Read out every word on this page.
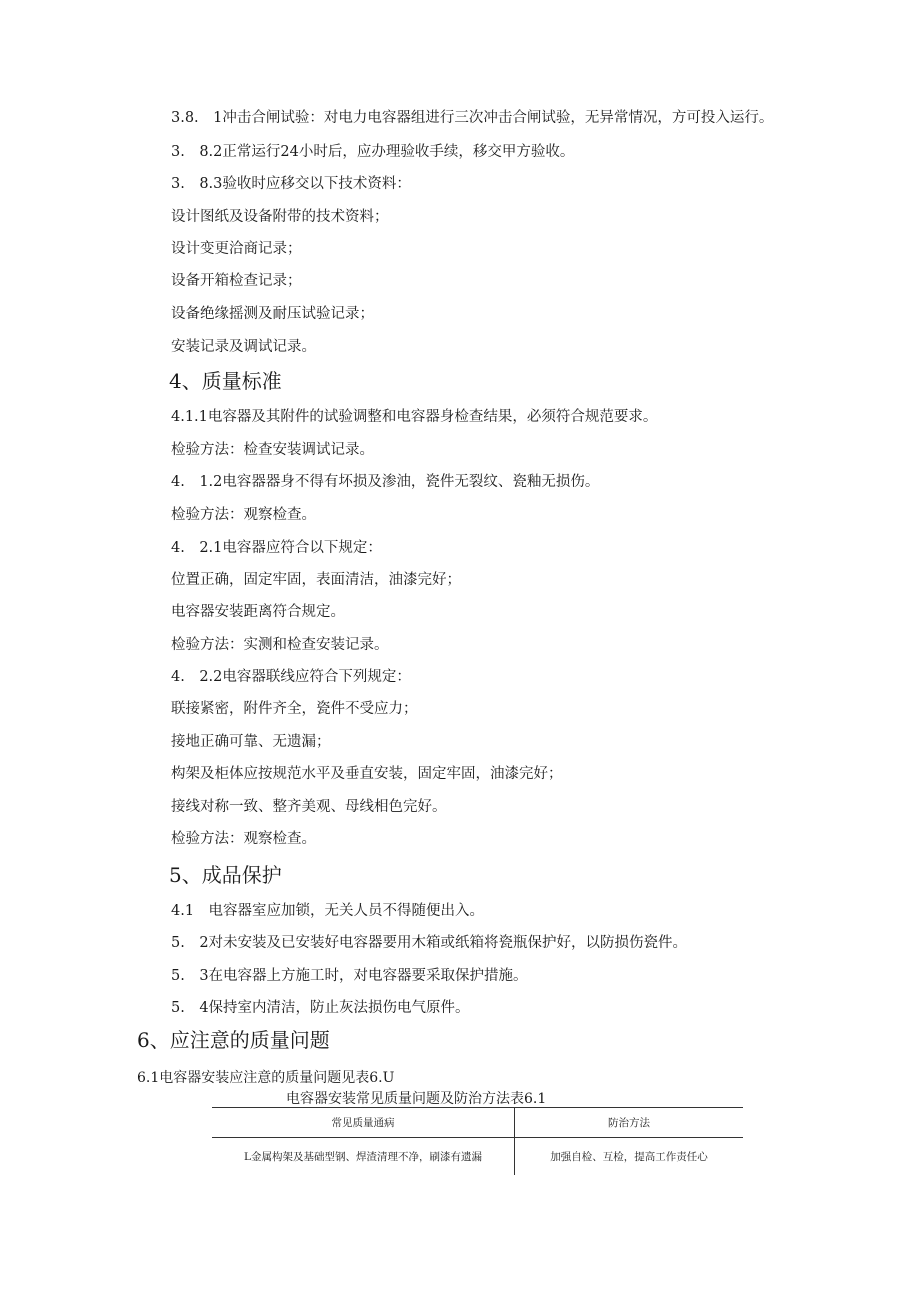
3.8.　1冲击合闸试验：对电力电容器组进行三次冲击合闸试验，无异常情况，方可投入运行。
3.　8.2正常运行24小时后，应办理验收手续，移交甲方验收。
3.　8.3验收时应移交以下技术资料：
设计图纸及设备附带的技术资料；
设计变更洽商记录；
设备开箱检查记录；
设备绝缘摇测及耐压试验记录；
安装记录及调试记录。
4、质量标准
4.1.1电容器及其附件的试验调整和电容器身检查结果，必须符合规范要求。
检验方法：检查安装调试记录。
4.　1.2电容器器身不得有坏损及渗油，瓷件无裂纹、瓷釉无损伤。
检验方法：观察检查。
4.　2.1电容器应符合以下规定：
位置正确，固定牢固，表面清洁，油漆完好；
电容器安装距离符合规定。
检验方法：实测和检查安装记录。
4.　2.2电容器联线应符合下列规定：
联接紧密，附件齐全，瓷件不受应力；
接地正确可靠、无遗漏；
构架及柜体应按规范水平及垂直安装，固定牢固，油漆完好；
接线对称一致、整齐美观、母线相色完好。
检验方法：观察检查。
5、成品保护
4.1　电容器室应加锁，无关人员不得随便出入。
5.　2对未安装及已安装好电容器要用木箱或纸箱将瓷瓶保护好，以防损伤瓷件。
5.　3在电容器上方施工时，对电容器要采取保护措施。
5.　4保持室内清洁，防止灰法损伤电气原件。
6、应注意的质量问题
6.1电容器安装应注意的质量问题见表6.U
电容器安装常见质量问题及防治方法表6.1
常见质量通病	防治方法
L金属构架及基础型钢、焊渣清理不净，刷漆有遗漏	加强自检、互检，提高工作责任心
